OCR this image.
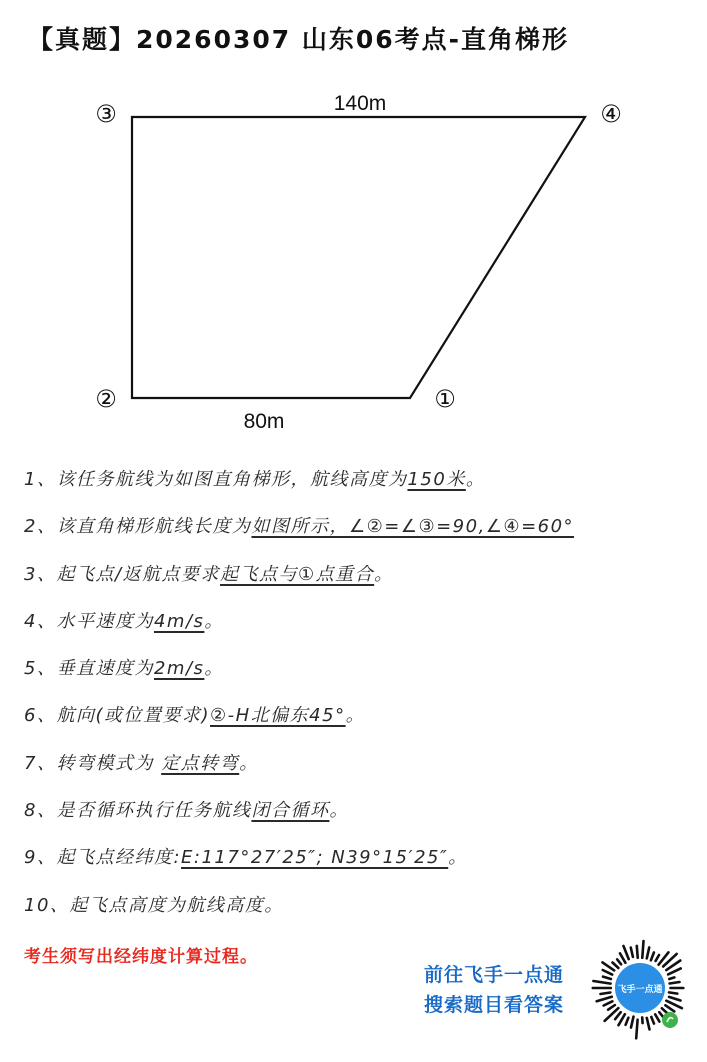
【真题】20260307 山东06考点-直角梯形
140m
80m
③	④
②	①
1、该任务航线为如图直角梯形，航线高度为150米。
2、该直角梯形航线长度为如图所示，∠②=∠③=90,∠④=60°
3、起飞点/返航点要求起飞点与①点重合。
4、水平速度为4m/s。
5、垂直速度为2m/s。
6、航向(或位置要求)②-H北偏东45°。
7、转弯模式为 定点转弯。
8、是否循环执行任务航线闭合循环。
9、起飞点经纬度:E:117°27′25″; N39°15′25″。
10、起飞点高度为航线高度。
考生须写出经纬度计算过程。
前往飞手一点通
搜索题目看答案
飞手一点通
